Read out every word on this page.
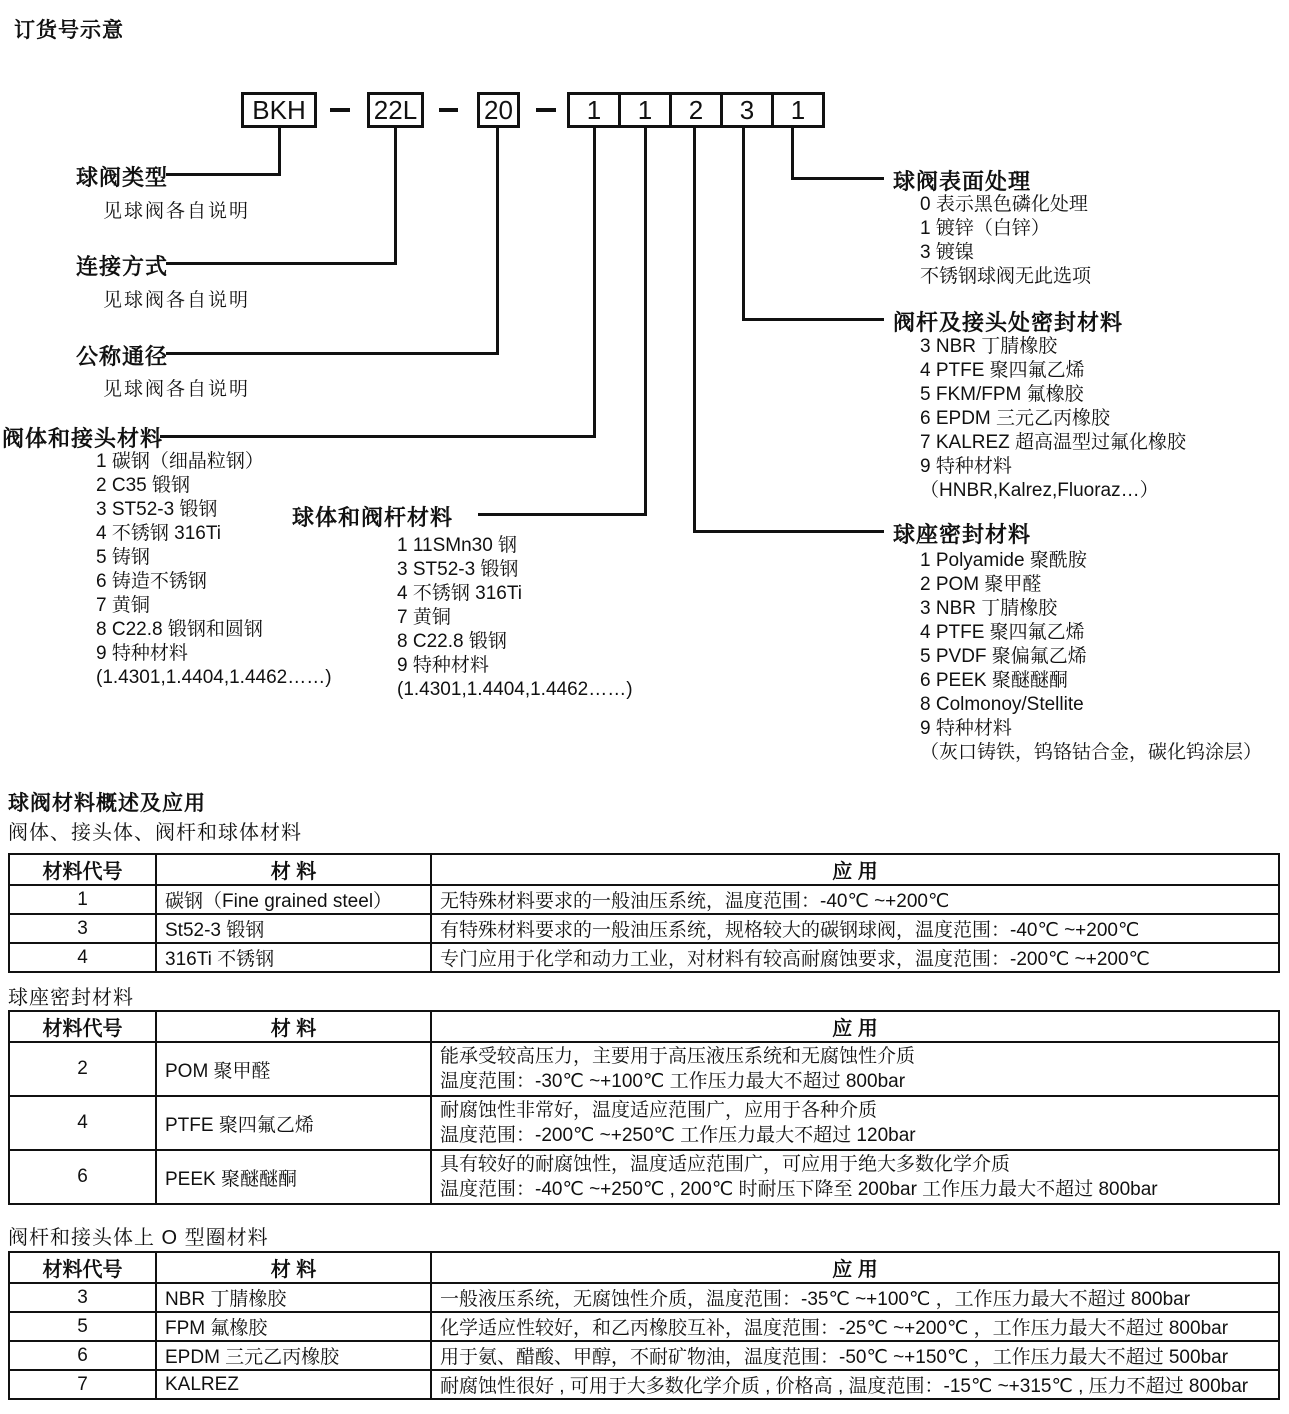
订货号示意
BKH	22L	20	1	1	2	3	1
球阀类型
见球阀各自说明
连接方式
见球阀各自说明
公称通径
见球阀各自说明
阀体和接头材料
1 碳钢（细晶粒钢）
2 C35 锻钢
3 ST52-3 锻钢
4 不锈钢 316Ti
5 铸钢
6 铸造不锈钢
7 黄铜
8 C22.8 锻钢和圆钢
9 特种材料
(1.4301,1.4404,1.4462……)
球体和阀杆材料
1 11SMn30 钢
3 ST52-3 锻钢
4 不锈钢 316Ti
7 黄铜
8 C22.8 锻钢
9 特种材料
(1.4301,1.4404,1.4462……)
球阀表面处理
0 表示黑色磷化处理
1 镀锌（白锌）
3 镀镍
不锈钢球阀无此选项
阀杆及接头处密封材料
3 NBR 丁腈橡胶
4 PTFE 聚四氟乙烯
5 FKM/FPM 氟橡胶
6 EPDM 三元乙丙橡胶
7 KALREZ 超高温型过氟化橡胶
9 特种材料
（HNBR,Kalrez,Fluoraz…）
球座密封材料
1 Polyamide 聚酰胺
2 POM 聚甲醛
3 NBR 丁腈橡胶
4 PTFE 聚四氟乙烯
5 PVDF 聚偏氟乙烯
6 PEEK 聚醚醚酮
8 Colmonoy/Stellite
9 特种材料
（灰口铸铁，钨铬钴合金，碳化钨涂层）
球阀材料概述及应用
阀体、接头体、阀杆和球体材料
材料代号	材 料	应 用
1	碳钢（Fine grained steel）	无特殊材料要求的一般油压系统，温度范围：-40℃ ~+200℃
3	St52-3 锻钢	有特殊材料要求的一般油压系统，规格较大的碳钢球阀，温度范围：-40℃ ~+200℃
4	316Ti 不锈钢	专门应用于化学和动力工业，对材料有较高耐腐蚀要求，温度范围：-200℃ ~+200℃
球座密封材料
材料代号	材 料	应 用
2	POM 聚甲醛	能承受较高压力，主要用于高压液压系统和无腐蚀性介质
温度范围：-30℃ ~+100℃ 工作压力最大不超过 800bar

4	PTFE 聚四氟乙烯	耐腐蚀性非常好，温度适应范围广，应用于各种介质
温度范围：-200℃ ~+250℃ 工作压力最大不超过 120bar

6	PEEK 聚醚醚酮	具有较好的耐腐蚀性，温度适应范围广，可应用于绝大多数化学介质
温度范围：-40℃ ~+250℃ , 200℃ 时耐压下降至 200bar 工作压力最大不超过 800bar
阀杆和接头体上 O 型圈材料
材料代号	材 料	应 用
3	NBR 丁腈橡胶	一般液压系统，无腐蚀性介质，温度范围：-35℃ ~+100℃ ，工作压力最大不超过 800bar
5	FPM 氟橡胶	化学适应性较好，和乙丙橡胶互补，温度范围：-25℃ ~+200℃ ，工作压力最大不超过 800bar
6	EPDM 三元乙丙橡胶	用于氨、醋酸、甲醇，不耐矿物油，温度范围：-50℃ ~+150℃ ，工作压力最大不超过 500bar
7	KALREZ	耐腐蚀性很好 , 可用于大多数化学介质 , 价格高 , 温度范围：-15℃ ~+315℃ , 压力不超过 800bar
